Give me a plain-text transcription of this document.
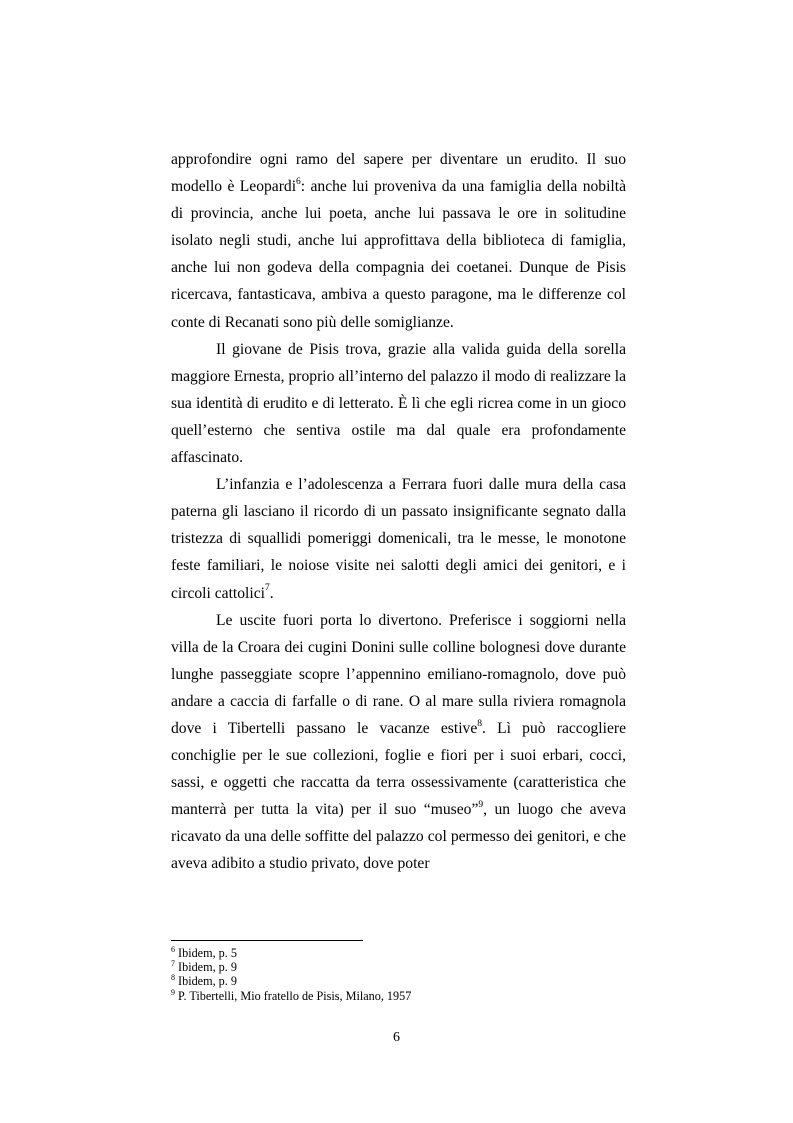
approfondire ogni ramo del sapere per diventare un erudito. Il suo modello è Leopardi$^6$: anche lui proveniva da una famiglia della nobiltà di provincia, anche lui poeta, anche lui passava le ore in solitudine isolato negli studi, anche lui approfittava della biblioteca di famiglia, anche lui non godeva della compagnia dei coetanei. Dunque de Pisis ricercava, fantasticava, ambiva a questo paragone, ma le differenze col conte di Recanati sono più delle somiglianze.

Il giovane de Pisis trova, grazie alla valida guida della sorella maggiore Ernesta, proprio all’interno del palazzo il modo di realizzare la sua identità di erudito e di letterato. È lì che egli ricrea come in un gioco quell’esterno che sentiva ostile ma dal quale era profondamente affascinato.

L’infanzia e l’adolescenza a Ferrara fuori dalle mura della casa paterna gli lasciano il ricordo di un passato insignificante segnato dalla tristezza di squallidi pomeriggi domenicali, tra le messe, le monotone feste familiari, le noiose visite nei salotti degli amici dei genitori, e i circoli cattolici$^7$.

Le uscite fuori porta lo divertono. Preferisce i soggiorni nella villa de la Croara dei cugini Donini sulle colline bolognesi dove durante lunghe passeggiate scopre l’appennino emiliano-romagnolo, dove può andare a caccia di farfalle o di rane. O al mare sulla riviera romagnola dove i Tibertelli passano le vacanze estive$^8$. Lì può raccogliere conchiglie per le sue collezioni, foglie e fiori per i suoi erbari, cocci, sassi, e oggetti che raccatta da terra ossessivamente (caratteristica che manterrà per tutta la vita) per il suo “museo”$^9$, un luogo che aveva ricavato da una delle soffitte del palazzo col permesso dei genitori, e che aveva adibito a studio privato, dove poter

$^6$ Ibidem, p. 5

$^7$ Ibidem, p. 9

$^8$ Ibidem, p. 9

$^9$ P. Tibertelli, Mio fratello de Pisis, Milano, 1957

6
